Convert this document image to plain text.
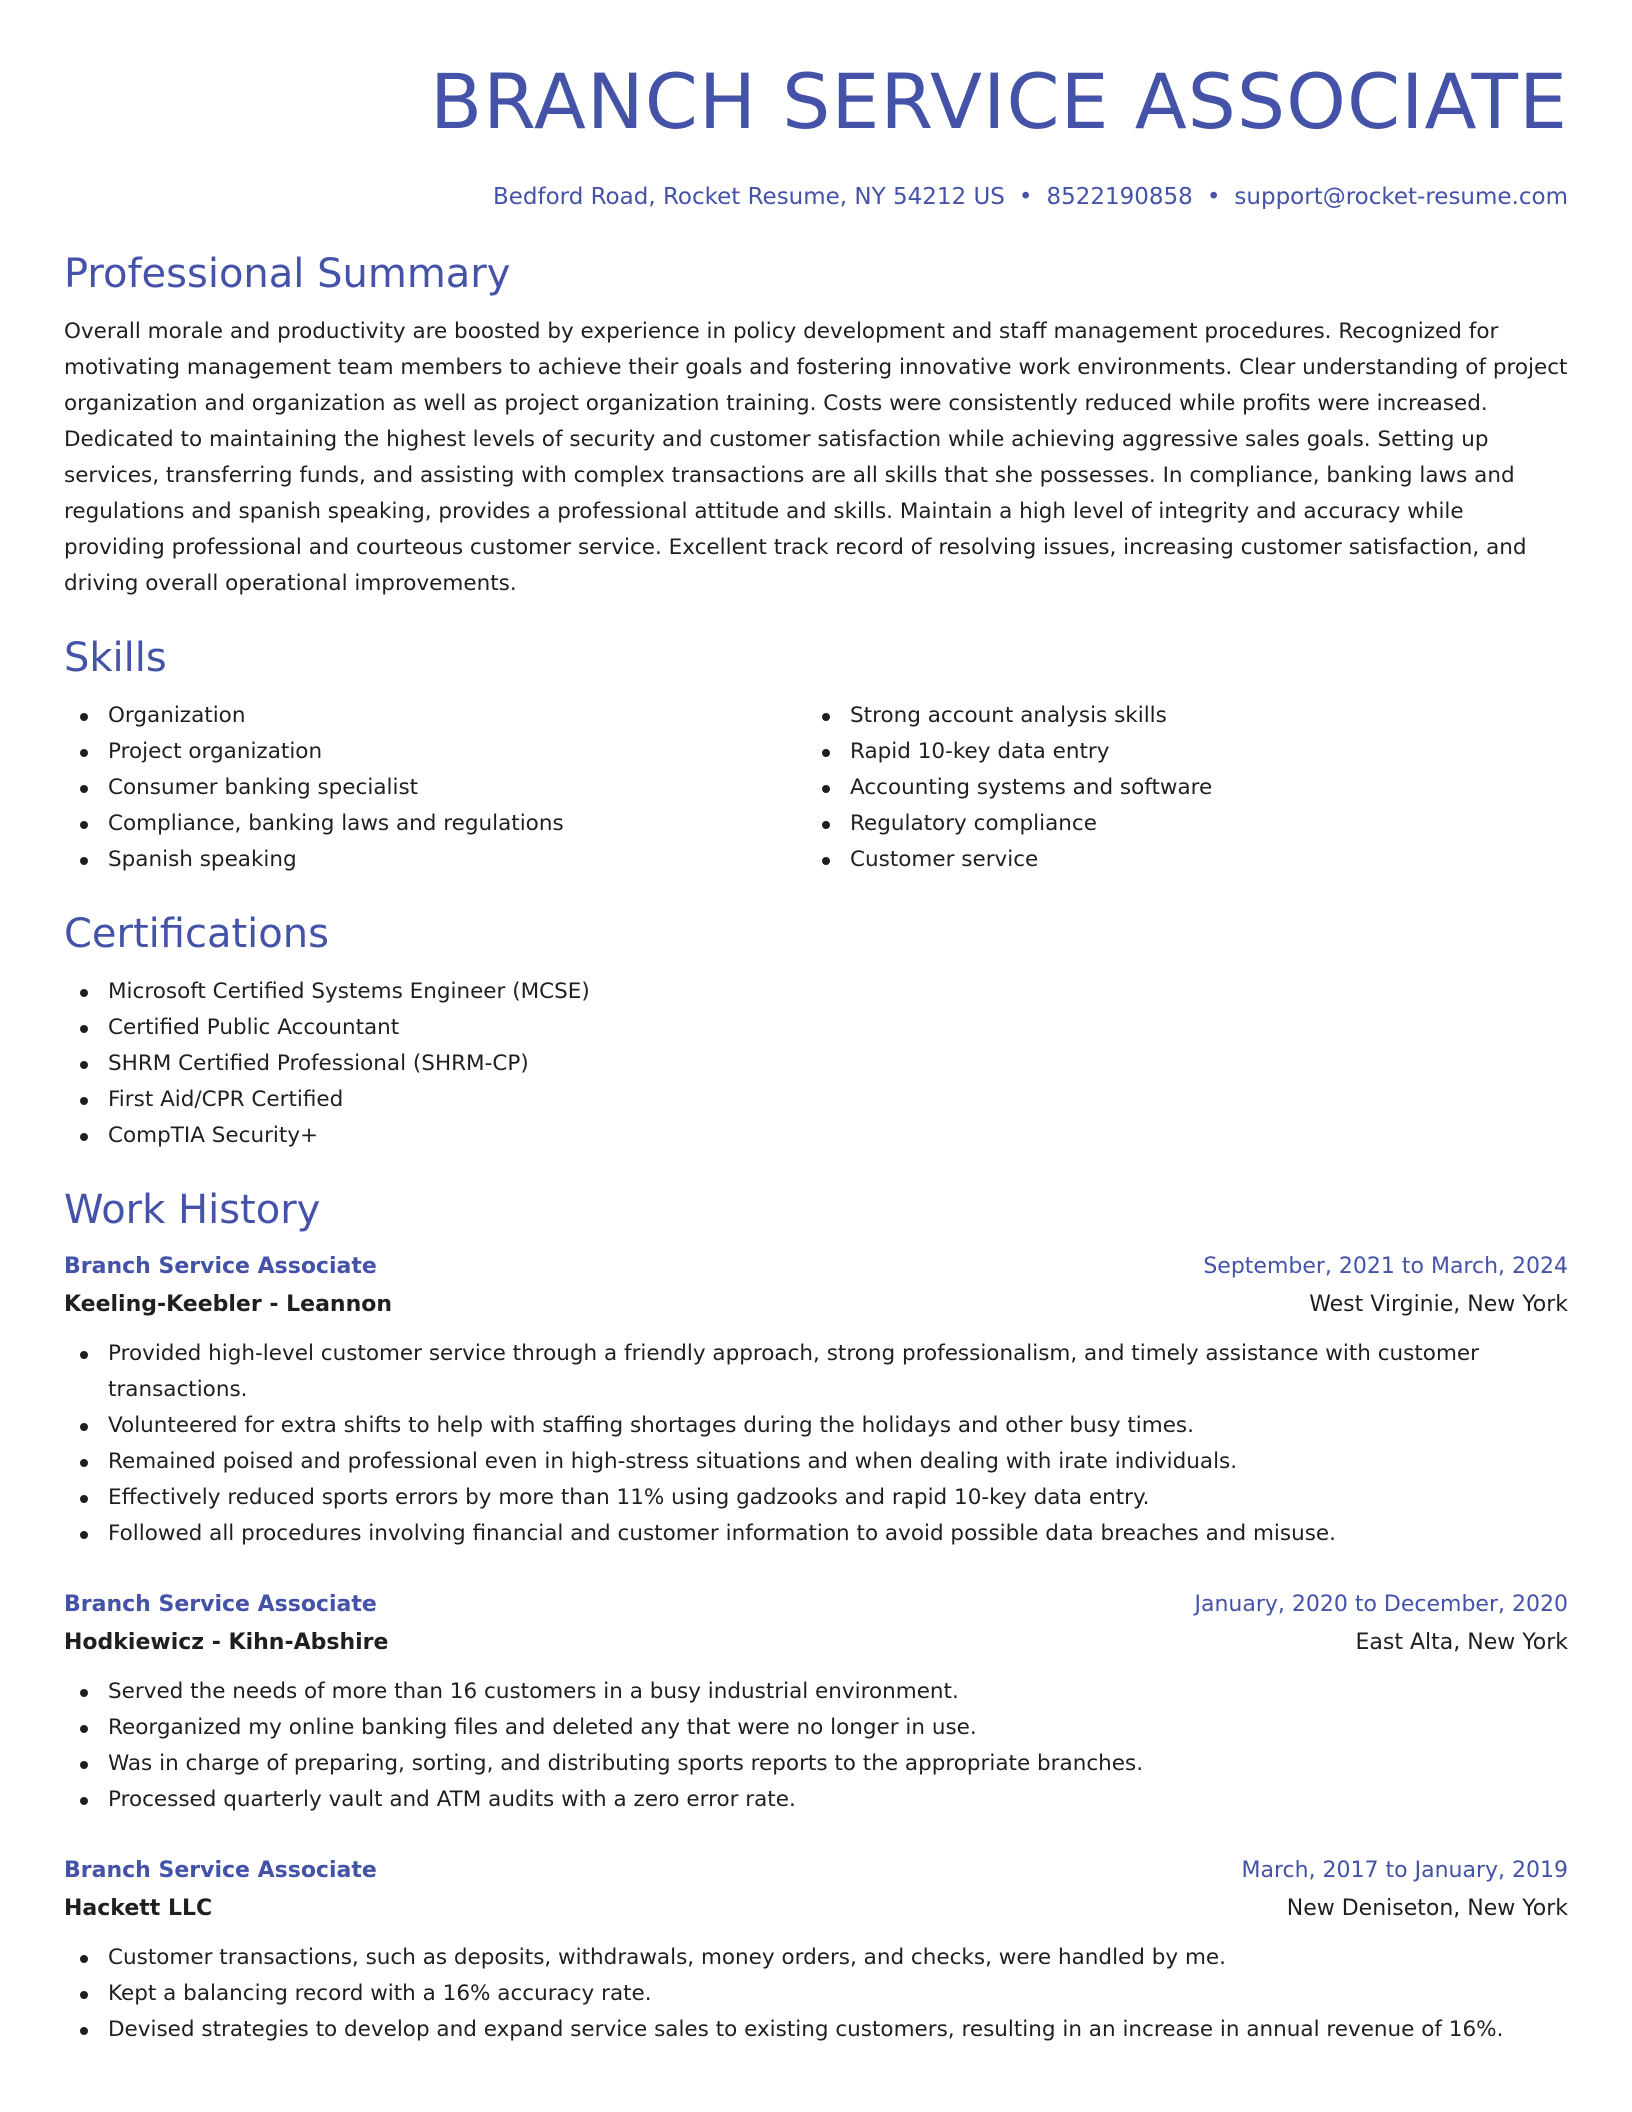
BRANCH SERVICE ASSOCIATE
Bedford Road, Rocket Resume, NY 54212 US • 8522190858 • support@rocket-resume.com
Professional Summary

Overall morale and productivity are boosted by experience in policy development and staff management procedures. Recognized for motivating management team members to achieve their goals and fostering innovative work environments. Clear understanding of project organization and organization as well as project organization training. Costs were consistently reduced while profits were increased. Dedicated to maintaining the highest levels of security and customer satisfaction while achieving aggressive sales goals. Setting up services, transferring funds, and assisting with complex transactions are all skills that she possesses. In compliance, banking laws and regulations and spanish speaking, provides a professional attitude and skills. Maintain a high level of integrity and accuracy while providing professional and courteous customer service. Excellent track record of resolving issues, increasing customer satisfaction, and driving overall operational improvements.

Skills
Organization
Project organization
Consumer banking specialist
Compliance, banking laws and regulations
Spanish speaking
Strong account analysis skills
Rapid 10-key data entry
Accounting systems and software
Regulatory compliance
Customer service
Certifications
Microsoft Certified Systems Engineer (MCSE)
Certified Public Accountant
SHRM Certified Professional (SHRM-CP)
First Aid/CPR Certified
CompTIA Security+
Work History
Branch Service Associate	September, 2021 to March, 2024
Keeling-Keebler - Leannon	West Virginie, New York
Provided high-level customer service through a friendly approach, strong professionalism, and timely assistance with customer transactions.
Volunteered for extra shifts to help with staffing shortages during the holidays and other busy times.
Remained poised and professional even in high-stress situations and when dealing with irate individuals.
Effectively reduced sports errors by more than 11% using gadzooks and rapid 10-key data entry.
Followed all procedures involving financial and customer information to avoid possible data breaches and misuse.
Branch Service Associate	January, 2020 to December, 2020
Hodkiewicz - Kihn-Abshire	East Alta, New York
Served the needs of more than 16 customers in a busy industrial environment.
Reorganized my online banking files and deleted any that were no longer in use.
Was in charge of preparing, sorting, and distributing sports reports to the appropriate branches.
Processed quarterly vault and ATM audits with a zero error rate.
Branch Service Associate	March, 2017 to January, 2019
Hackett LLC	New Deniseton, New York
Customer transactions, such as deposits, withdrawals, money orders, and checks, were handled by me.
Kept a balancing record with a 16% accuracy rate.
Devised strategies to develop and expand service sales to existing customers, resulting in an increase in annual revenue of 16%.
